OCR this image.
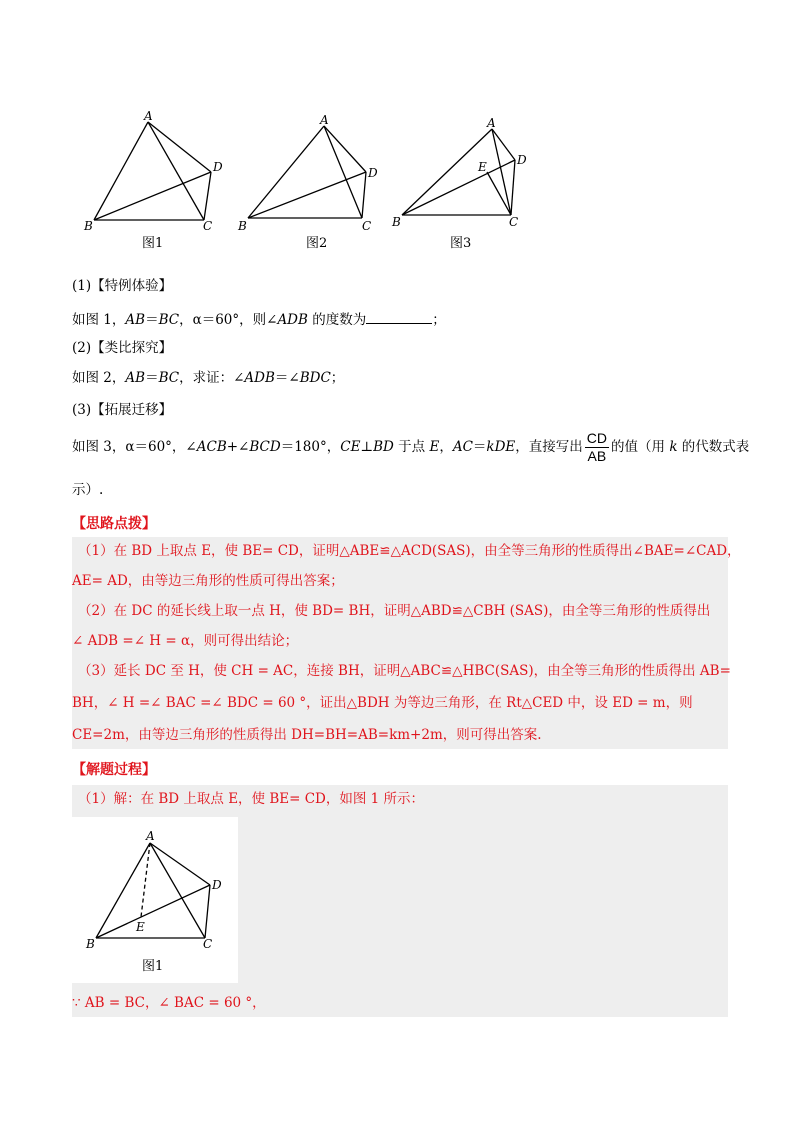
A
B	C
D
图1
A
B	C
D
图2
A
E
B	C
D
图3
(1)【特例体验】
如图 1，AB＝BC，α＝60°，则∠ADB 的度数为	；
(2)【类比探究】
如图 2，AB＝BC，求证：∠ADB＝∠BDC；
(3)【拓展迁移】
如图 3，α＝60°，∠ACB+∠BCD＝180°，CE⊥BD 于点 E，AC＝kDE，直接写出 $\frac{CD}{AB}$ 的值（用 k 的代数式表
示）.
【思路点拨】
（1）在 BD 上取点 E，使 BE= CD，证明△ABE≌△ACD(SAS)，由全等三角形的性质得出∠BAE=∠CAD，
AE= AD，由等边三角形的性质可得出答案；
（2）在 DC 的延长线上取一点 H，使 BD= BH，证明△ABD≌△CBH (SAS)，由全等三角形的性质得出
∠ ADB =∠ H = α，则可得出结论；
（3）延长 DC 至 H，使 CH = AC，连接 BH，证明△ABC≌△HBC(SAS)，由全等三角形的性质得出 AB=
BH，∠ H =∠ BAC =∠ BDC = 60 °，证出△BDH 为等边三角形，在 Rt△CED 中，设 ED = m，则
CE=2m，由等边三角形的性质得出 DH=BH=AB=km+2m，则可得出答案.
【解题过程】
（1）解：在 BD 上取点 E，使 BE= CD，如图 1 所示：
A
E
B	C
D
图1
∵ AB = BC，∠ BAC = 60 °，
